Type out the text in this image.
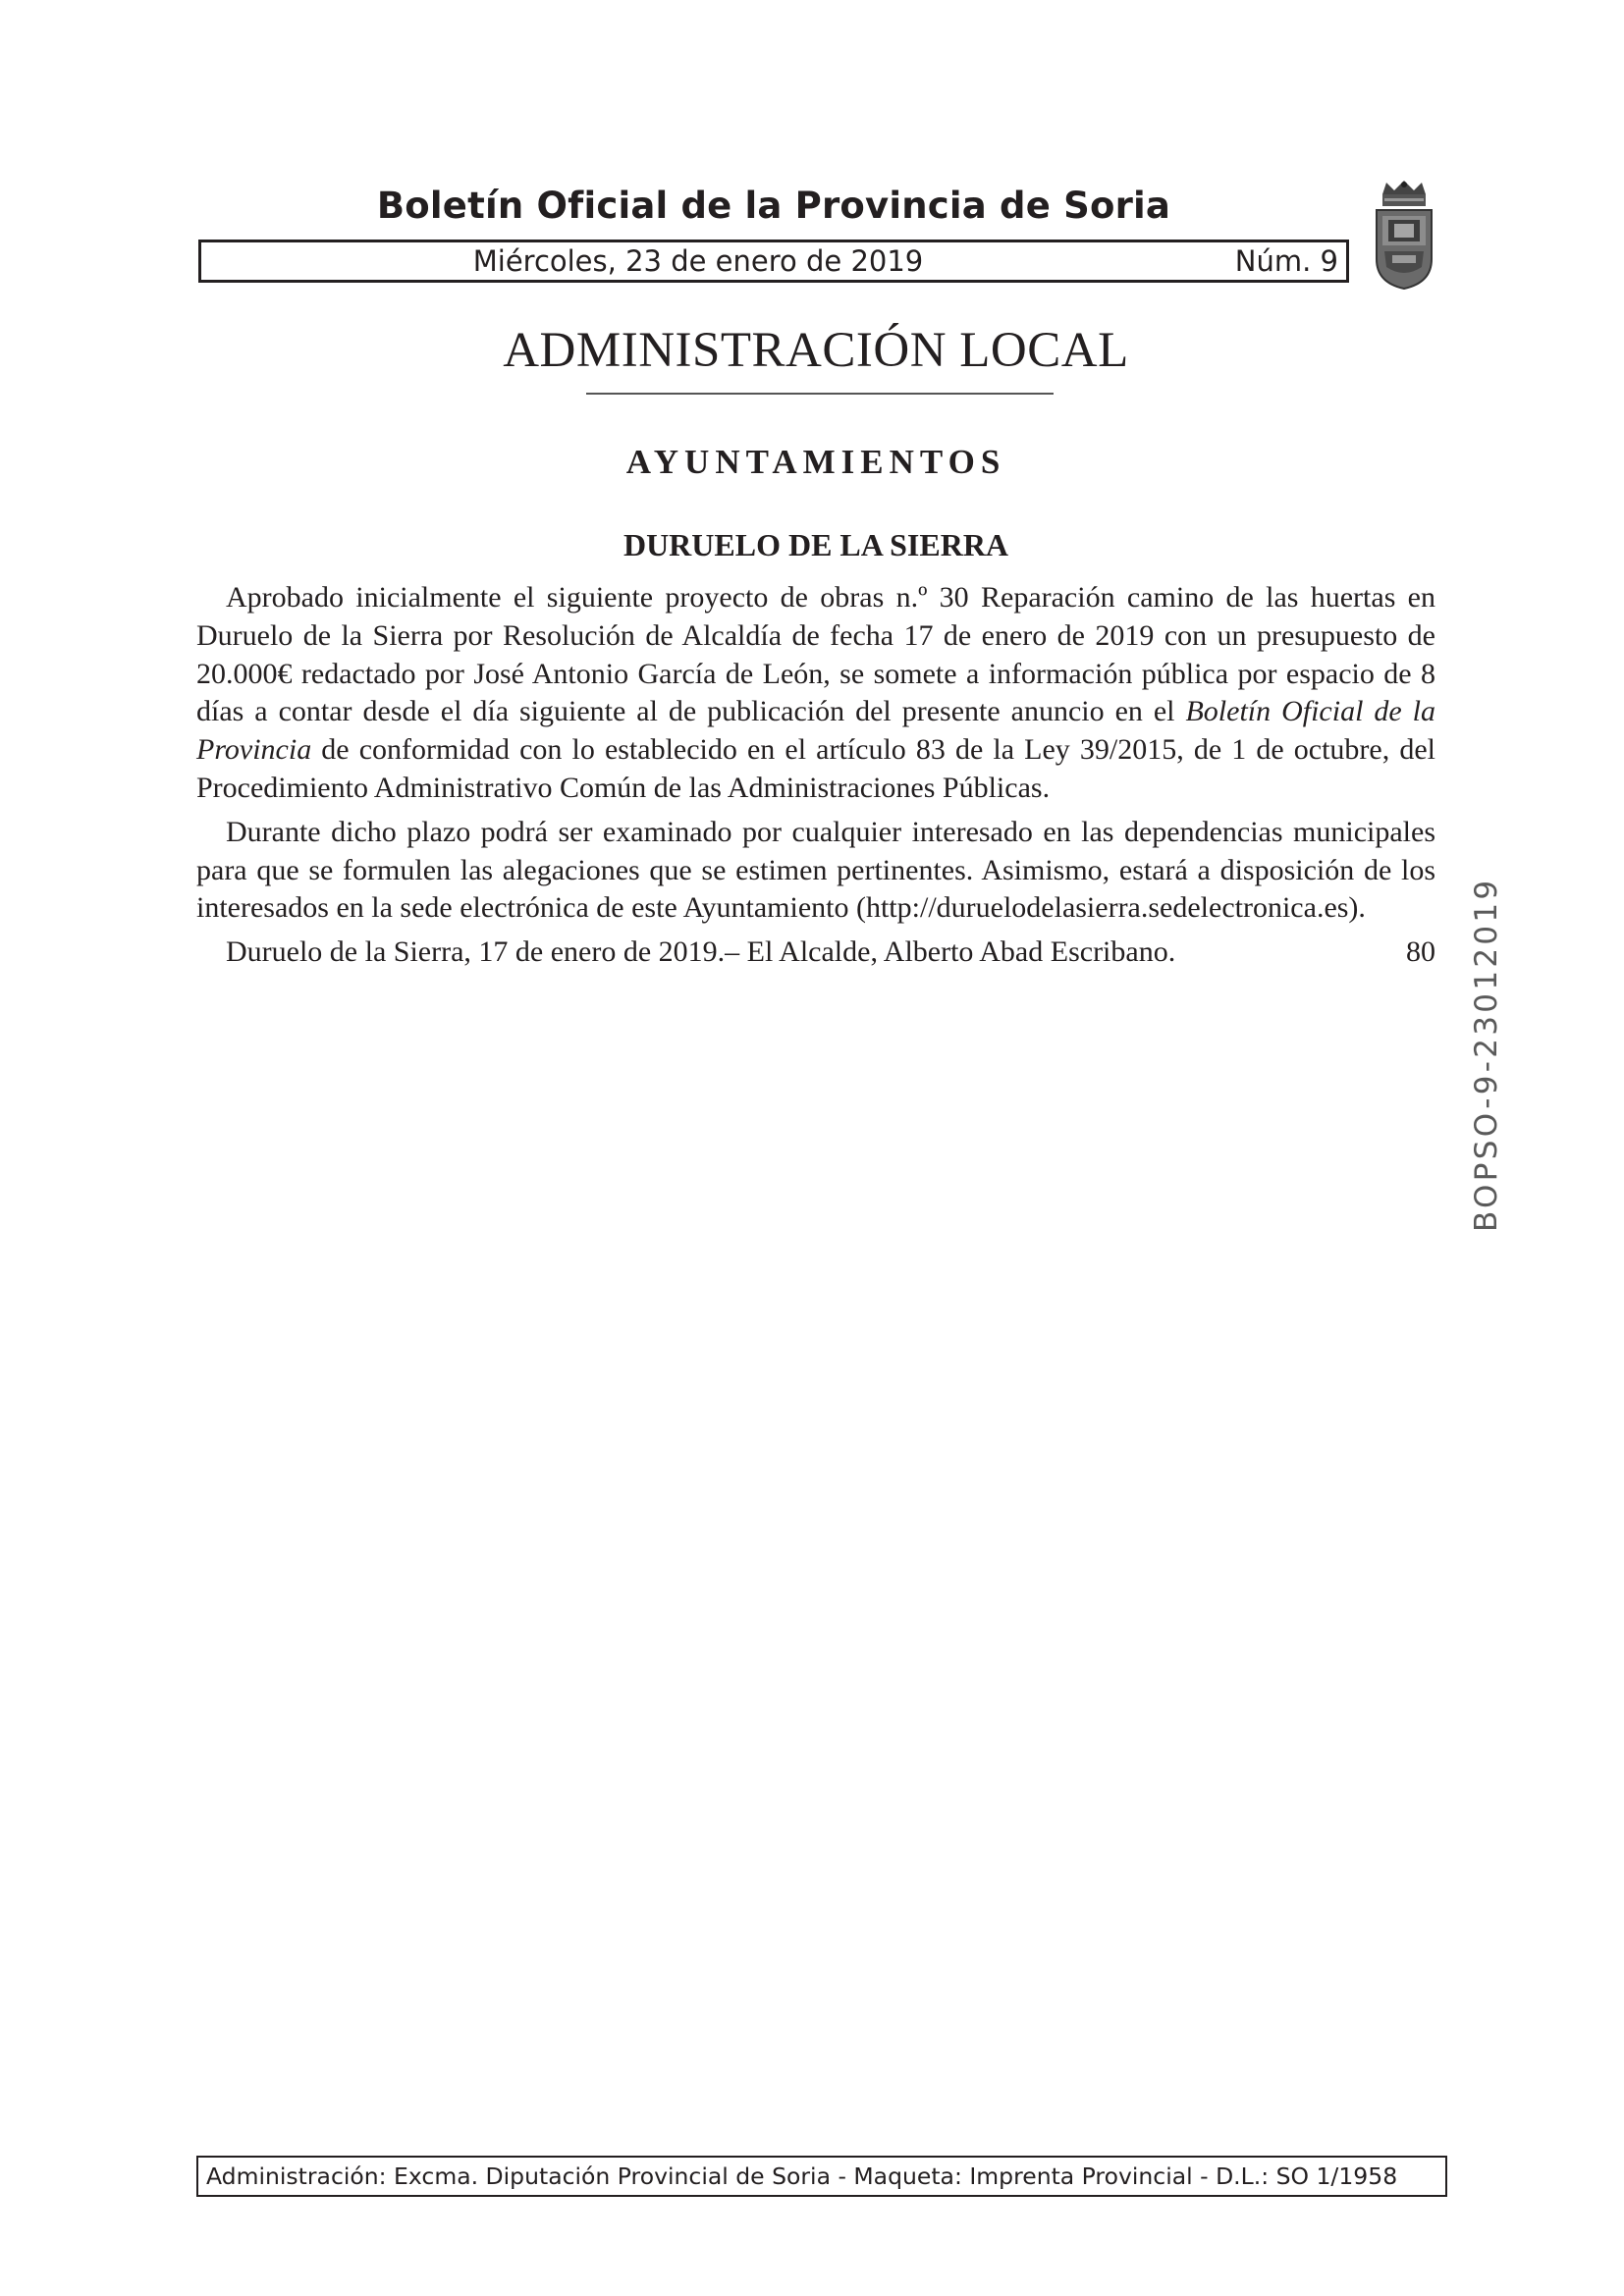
Boletín Oficial de la Provincia de Soria
Miércoles, 23 de enero de 2019	Núm. 9
ADMINISTRACIÓN LOCAL
AYUNTAMIENTOS
DURUELO DE LA SIERRA

Aprobado inicialmente el siguiente proyecto de obras n.º 30 Reparación camino de las huertas en Duruelo de la Sierra por Resolución de Alcaldía de fecha 17 de enero de 2019 con un presupuesto de 20.000€ redactado por José Antonio García de León, se somete a información pública por espacio de 8 días a contar desde el día siguiente al de publicación del presente anuncio en el Boletín Oficial de la Provincia de conformidad con lo establecido en el artículo 83 de la Ley 39/2015, de 1 de octubre, del Procedimiento Administrativo Común de las Administraciones Públicas.

Durante dicho plazo podrá ser examinado por cualquier interesado en las dependencias municipales para que se formulen las alegaciones que se estimen pertinentes. Asimismo, estará a disposición de los interesados en la sede electrónica de este Ayuntamiento (http://duruelodelasierra.sedelectronica.es).

Duruelo de la Sierra, 17 de enero de 2019.– El Alcalde, Alberto Abad Escribano.	80 BOPSO-9-23012019
Administración: Excma. Diputación Provincial de Soria - Maqueta: Imprenta Provincial - D.L.: SO 1/1958
